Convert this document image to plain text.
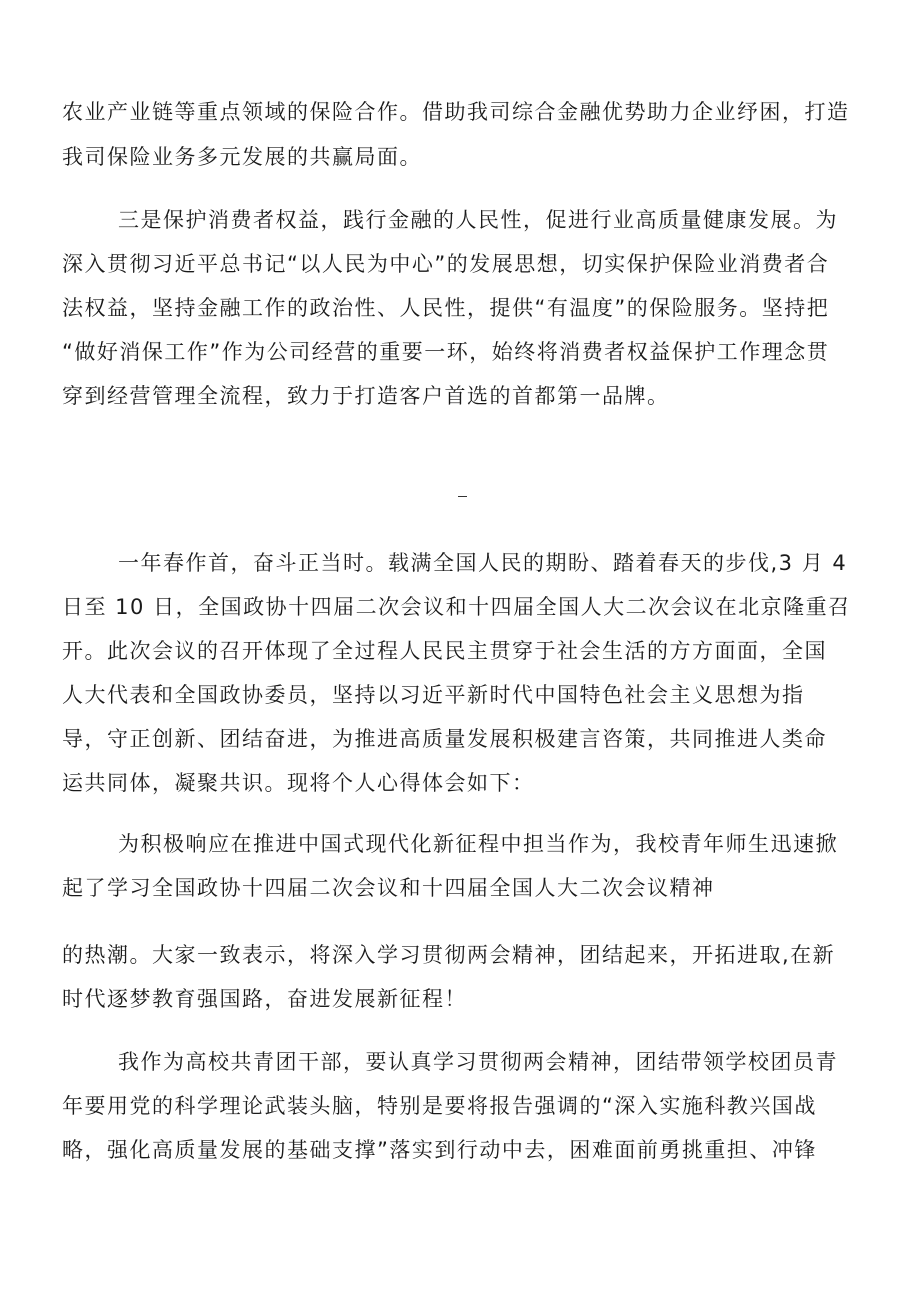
农业产业链等重点领域的保险合作。借助我司综合金融优势助力企业纾困，打造
我司保险业务多元发展的共赢局面。
三是保护消费者权益，践行金融的人民性，促进行业高质量健康发展。为
深入贯彻习近平总书记“以人民为中心”的发展思想，切实保护保险业消费者合
法权益，坚持金融工作的政治性、人民性，提供“有温度”的保险服务。坚持把
“做好消保工作”作为公司经营的重要一环，始终将消费者权益保护工作理念贯
穿到经营管理全流程，致力于打造客户首选的首都第一品牌。
一年春作首，奋斗正当时。载满全国人民的期盼、踏着春天的步伐,3 月 4
日至 10 日，全国政协十四届二次会议和十四届全国人大二次会议在北京隆重召
开。此次会议的召开体现了全过程人民民主贯穿于社会生活的方方面面，全国
人大代表和全国政协委员，坚持以习近平新时代中国特色社会主义思想为指
导，守正创新、团结奋进，为推进高质量发展积极建言咨策，共同推进人类命
运共同体，凝聚共识。现将个人心得体会如下：
为积极响应在推进中国式现代化新征程中担当作为，我校青年师生迅速掀
起了学习全国政协十四届二次会议和十四届全国人大二次会议精神
的热潮。大家一致表示，将深入学习贯彻两会精神，团结起来，开拓进取,在新
时代逐梦教育强国路，奋进发展新征程！
我作为高校共青团干部，要认真学习贯彻两会精神，团结带领学校团员青
年要用党的科学理论武装头脑，特别是要将报告强调的“深入实施科教兴国战
略，强化高质量发展的基础支撑”落实到行动中去，困难面前勇挑重担、冲锋
